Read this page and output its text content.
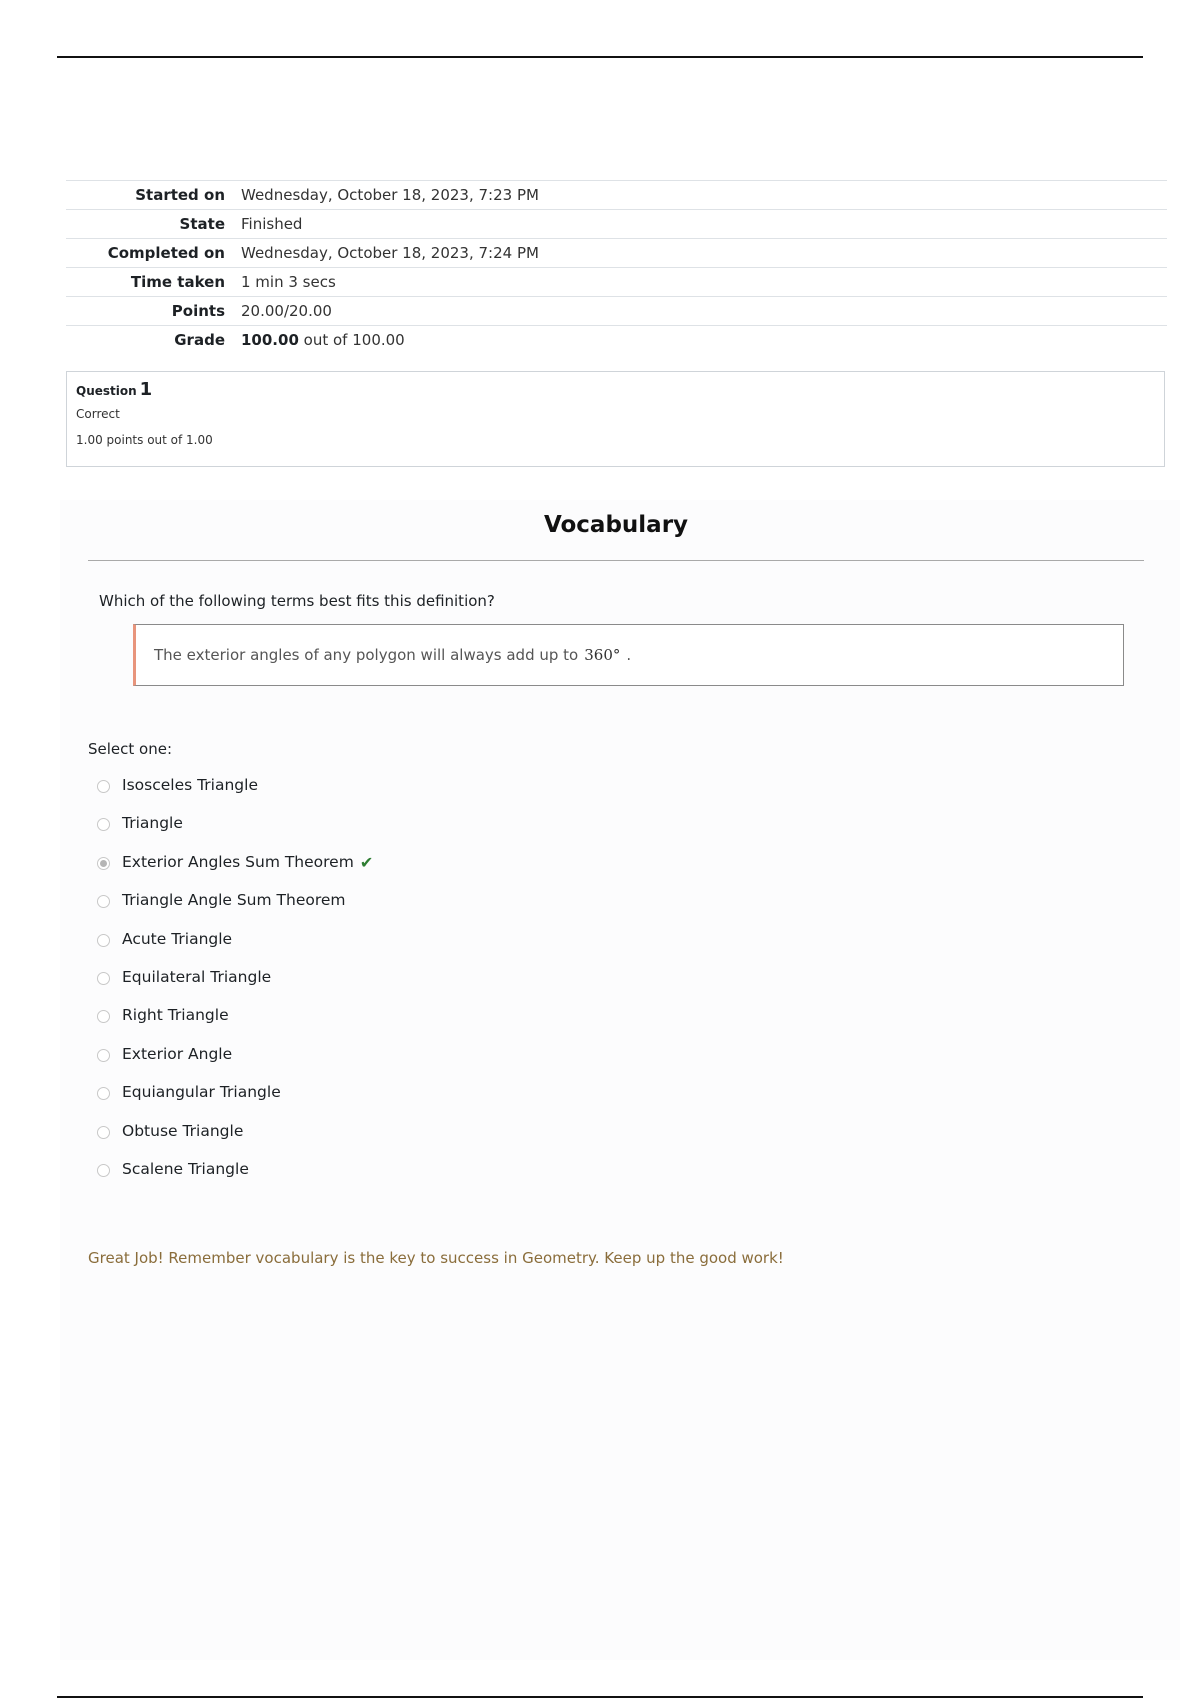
Started on	Wednesday, October 18, 2023, 7:23 PM
State	Finished
Completed on	Wednesday, October 18, 2023, 7:24 PM
Time taken	1 min 3 secs
Points	20.00/20.00
Grade	100.00 out of 100.00
Question 1
Correct
1.00 points out of 1.00
Vocabulary
Which of the following terms best fits this definition?
The exterior angles of any polygon will always add up to 360° .
Select one:
Isosceles Triangle
Triangle
Exterior Angles Sum Theorem ✔
Triangle Angle Sum Theorem
Acute Triangle
Equilateral Triangle
Right Triangle
Exterior Angle
Equiangular Triangle
Obtuse Triangle
Scalene Triangle
Great Job! Remember vocabulary is the key to success in Geometry. Keep up the good work!
